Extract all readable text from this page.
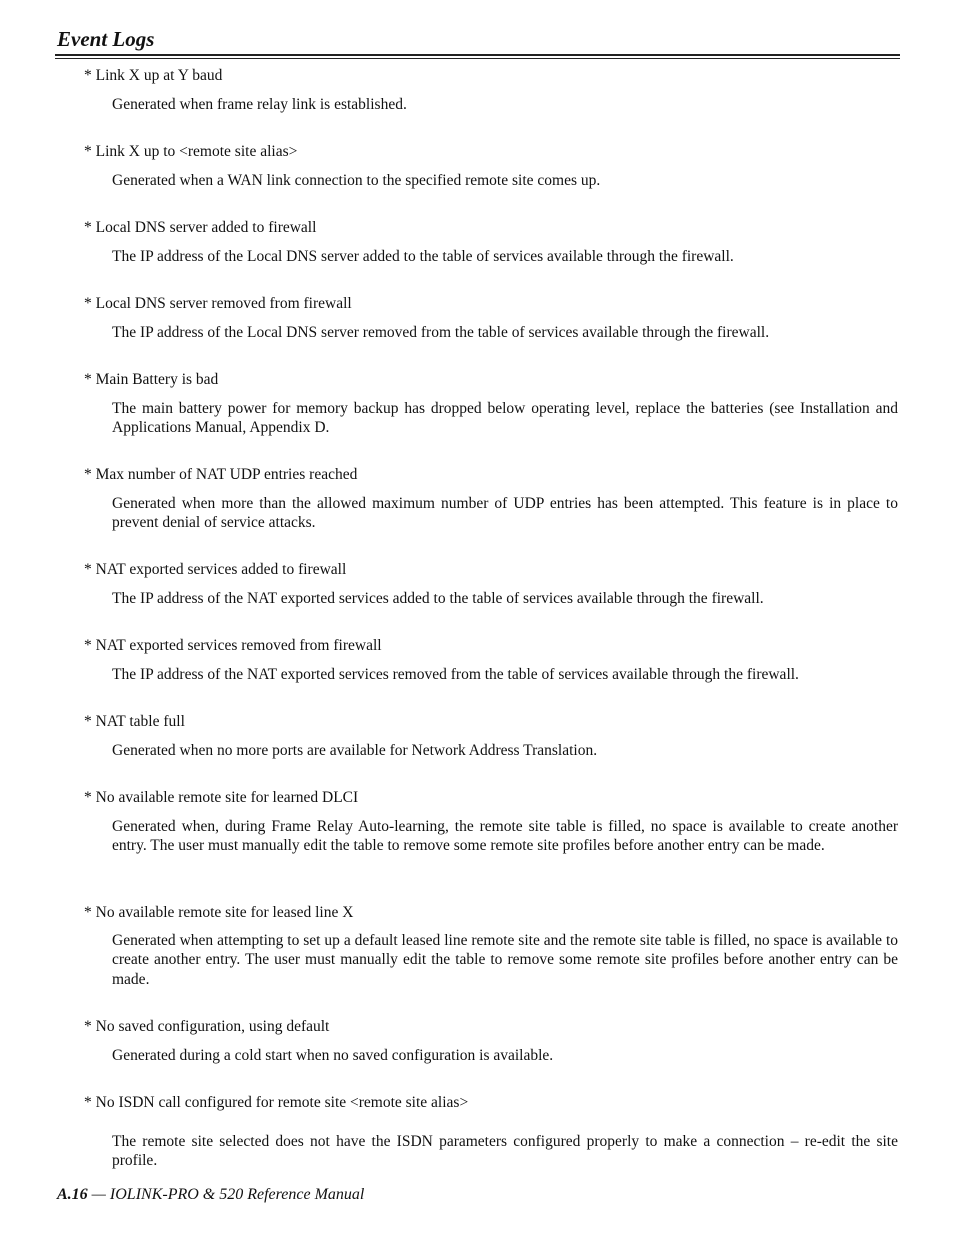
Event Logs
* Link X up at Y baud
Generated when frame relay link is established.
* Link X up to <remote site alias>
Generated when a WAN link connection to the specified remote site comes up.
* Local DNS server added to firewall
The IP address of the Local DNS server added to the table of services available through the firewall.
* Local DNS server removed from firewall
The IP address of the Local DNS server removed from the table of services available through the firewall.
* Main Battery is bad
The main battery power for memory backup has dropped below operating level, replace the batteries (see Installation and Applications Manual, Appendix D.
* Max number of NAT UDP entries reached
Generated when more than the allowed maximum number of UDP entries has been attempted. This feature is in place to prevent denial of service attacks.
* NAT exported services added to firewall
The IP address of the NAT exported services added to the table of services available through the firewall.
* NAT exported services removed from firewall
The IP address of the NAT exported services removed from the table of services available through the firewall.
* NAT table full
Generated when no more ports are available for Network Address Translation.
* No available remote site for learned DLCI
Generated when, during Frame Relay Auto-learning, the remote site table is filled, no space is available to create another entry. The user must manually edit the table to remove some remote site profiles before another entry can be made.
* No available remote site for leased line X
Generated when attempting to set up a default leased line remote site and the remote site table is filled, no space is available to create another entry. The user must manually edit the table to remove some remote site profiles before another entry can be made.
* No saved configuration, using default
Generated during a cold start when no saved configuration is available.
* No ISDN call configured for remote site <remote site alias>
The remote site selected does not have the ISDN parameters configured properly to make a connection – re-edit the site profile.
A.16 — IOLINK-PRO & 520 Reference Manual
